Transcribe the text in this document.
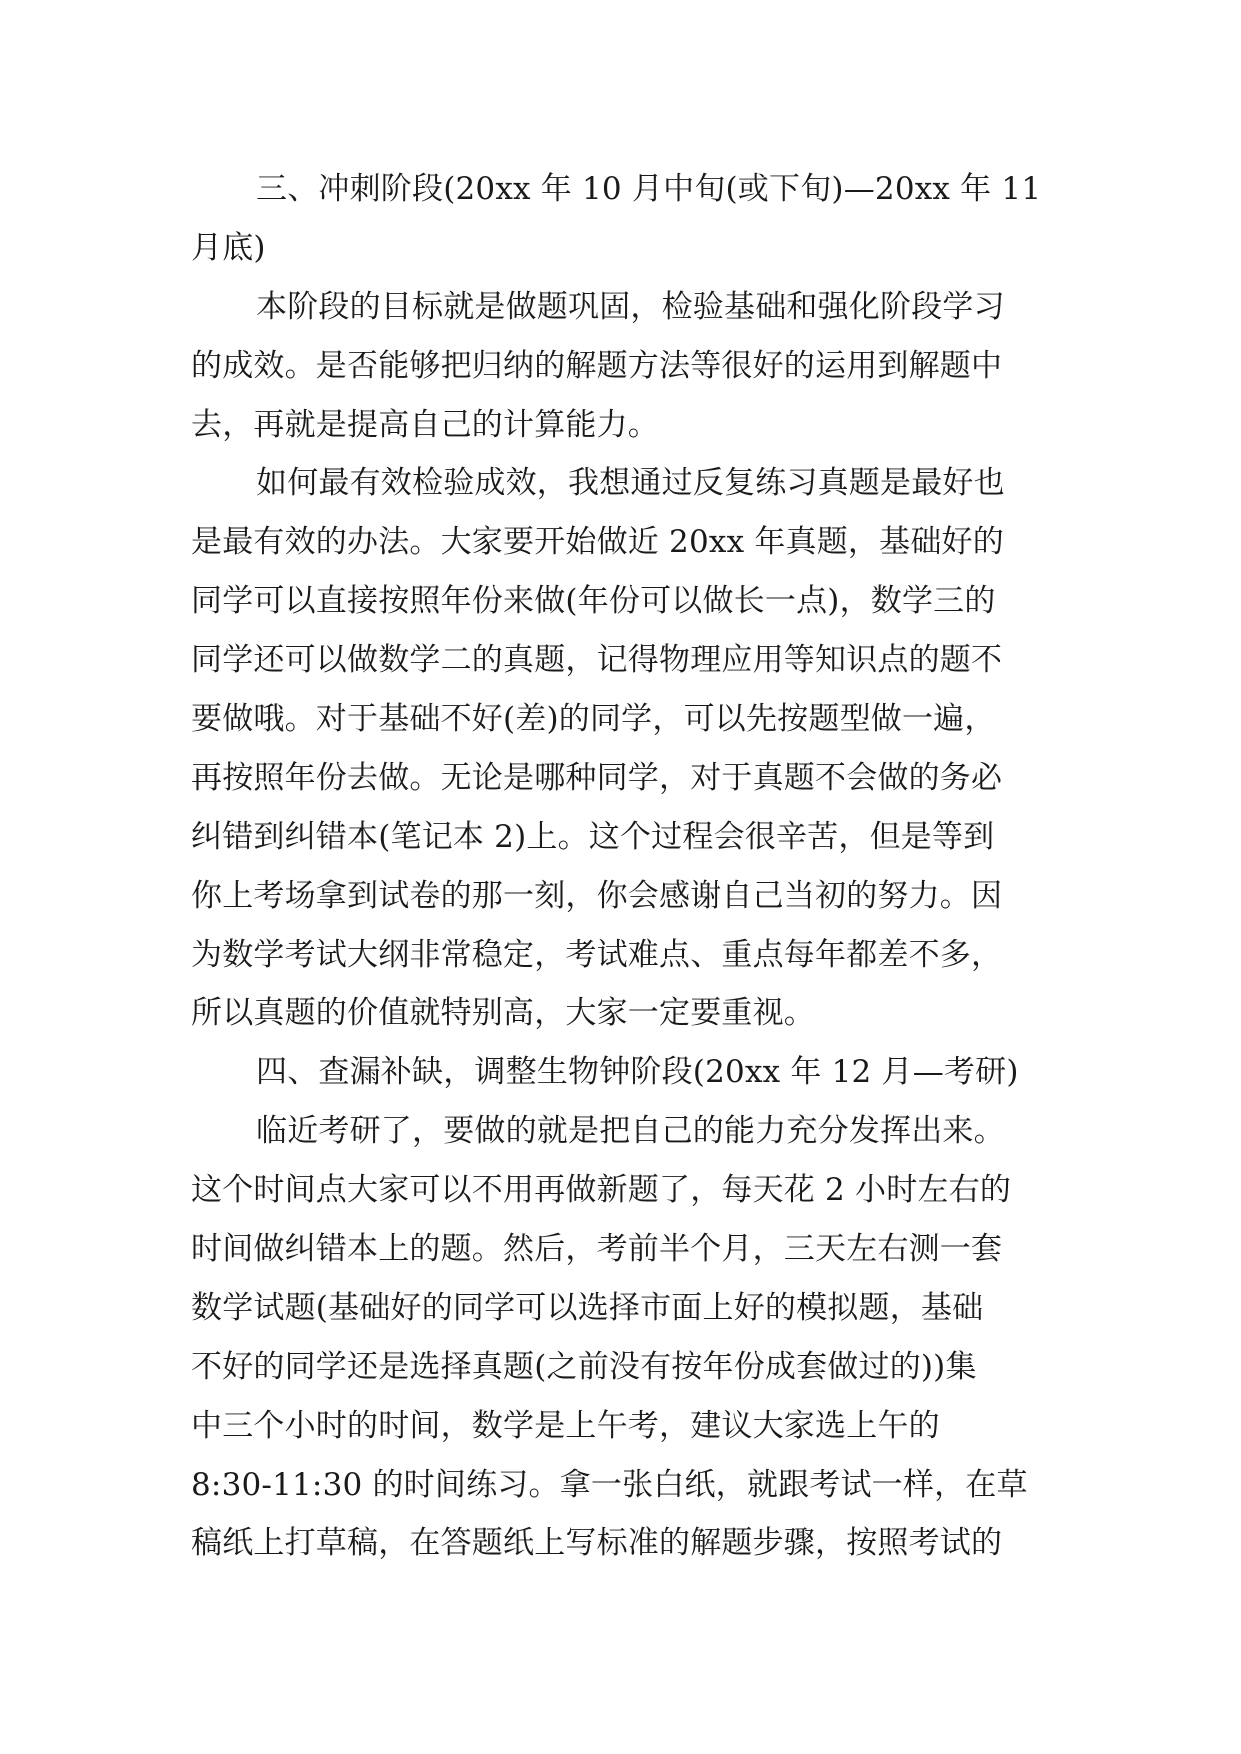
三、冲刺阶段(20xx 年 10 月中旬(或下旬)—20xx 年 11
月底)
本阶段的目标就是做题巩固，检验基础和强化阶段学习
的成效。是否能够把归纳的解题方法等很好的运用到解题中
去，再就是提高自己的计算能力。
如何最有效检验成效，我想通过反复练习真题是最好也
是最有效的办法。大家要开始做近 20xx 年真题，基础好的
同学可以直接按照年份来做(年份可以做长一点)，数学三的
同学还可以做数学二的真题，记得物理应用等知识点的题不
要做哦。对于基础不好(差)的同学，可以先按题型做一遍，
再按照年份去做。无论是哪种同学，对于真题不会做的务必
纠错到纠错本(笔记本 2)上。这个过程会很辛苦，但是等到
你上考场拿到试卷的那一刻，你会感谢自己当初的努力。因
为数学考试大纲非常稳定，考试难点、重点每年都差不多，
所以真题的价值就特别高，大家一定要重视。
四、查漏补缺，调整生物钟阶段(20xx 年 12 月—考研)
临近考研了，要做的就是把自己的能力充分发挥出来。
这个时间点大家可以不用再做新题了，每天花 2 小时左右的
时间做纠错本上的题。然后，考前半个月，三天左右测一套
数学试题(基础好的同学可以选择市面上好的模拟题，基础
不好的同学还是选择真题(之前没有按年份成套做过的))集
中三个小时的时间，数学是上午考，建议大家选上午的
8:30-11:30 的时间练习。拿一张白纸，就跟考试一样，在草
稿纸上打草稿，在答题纸上写标准的解题步骤，按照考试的
